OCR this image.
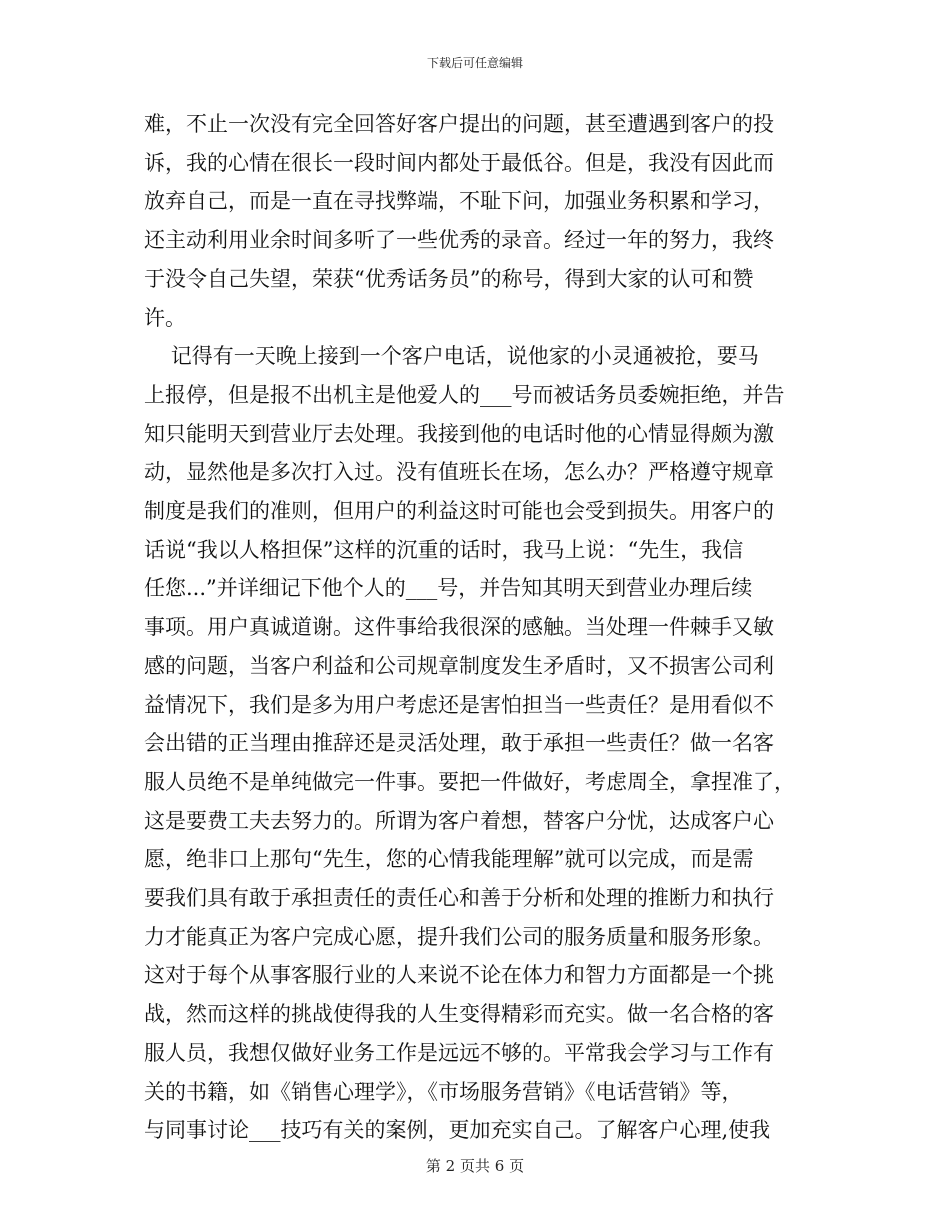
下载后可任意编辑
难，不止一次没有完全回答好客户提出的问题，甚至遭遇到客户的投
诉，我的心情在很长一段时间内都处于最低谷。但是，我没有因此而
放弃自己，而是一直在寻找弊端，不耻下问，加强业务积累和学习，
还主动利用业余时间多听了一些优秀的录音。经过一年的努力，我终
于没令自己失望，荣获“优秀话务员”的称号，得到大家的认可和赞
许。
记得有一天晚上接到一个客户电话，说他家的小灵通被抢，要马
上报停，但是报不出机主是他爱人的___号而被话务员委婉拒绝，并告
知只能明天到营业厅去处理。我接到他的电话时他的心情显得颇为激
动，显然他是多次打入过。没有值班长在场，怎么办？严格遵守规章
制度是我们的准则，但用户的利益这时可能也会受到损失。用客户的
话说“我以人格担保”这样的沉重的话时，我马上说：“先生，我信
任您...”并详细记下他个人的___号，并告知其明天到营业办理后续
事项。用户真诚道谢。这件事给我很深的感触。当处理一件棘手又敏
感的问题，当客户利益和公司规章制度发生矛盾时，又不损害公司利
益情况下，我们是多为用户考虑还是害怕担当一些责任？是用看似不
会出错的正当理由推辞还是灵活处理，敢于承担一些责任？做一名客
服人员绝不是单纯做完一件事。要把一件做好，考虑周全，拿捏准了，
这是要费工夫去努力的。所谓为客户着想，替客户分忧，达成客户心
愿，绝非口上那句“先生，您的心情我能理解”就可以完成，而是需
要我们具有敢于承担责任的责任心和善于分析和处理的推断力和执行
力才能真正为客户完成心愿，提升我们公司的服务质量和服务形象。
这对于每个从事客服行业的人来说不论在体力和智力方面都是一个挑
战，然而这样的挑战使得我的人生变得精彩而充实。做一名合格的客
服人员，我想仅做好业务工作是远远不够的。平常我会学习与工作有
关的书籍，如《销售心理学》，《市场服务营销》《电话营销》等，
与同事讨论___技巧有关的案例，更加充实自己。了解客户心理,使我
第 2 页共 6 页
